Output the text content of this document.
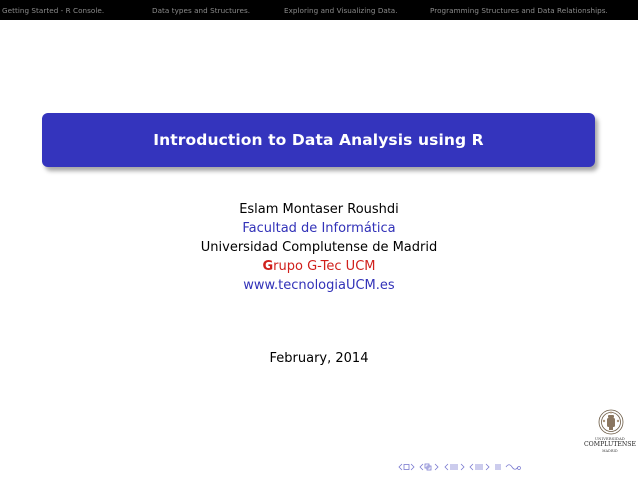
Getting Started - R Console.	Data types and Structures.	Exploring and Visualizing Data.	Programming Structures and Data Relationships.
Introduction to Data Analysis using R
Eslam Montaser Roushdi
Facultad de Informática
Universidad Complutense de Madrid
Grupo G-Tec UCM
www.tecnologiaUCM.es
February, 2014
UNIVERSIDAD
COMPLUTENSE
MADRID
